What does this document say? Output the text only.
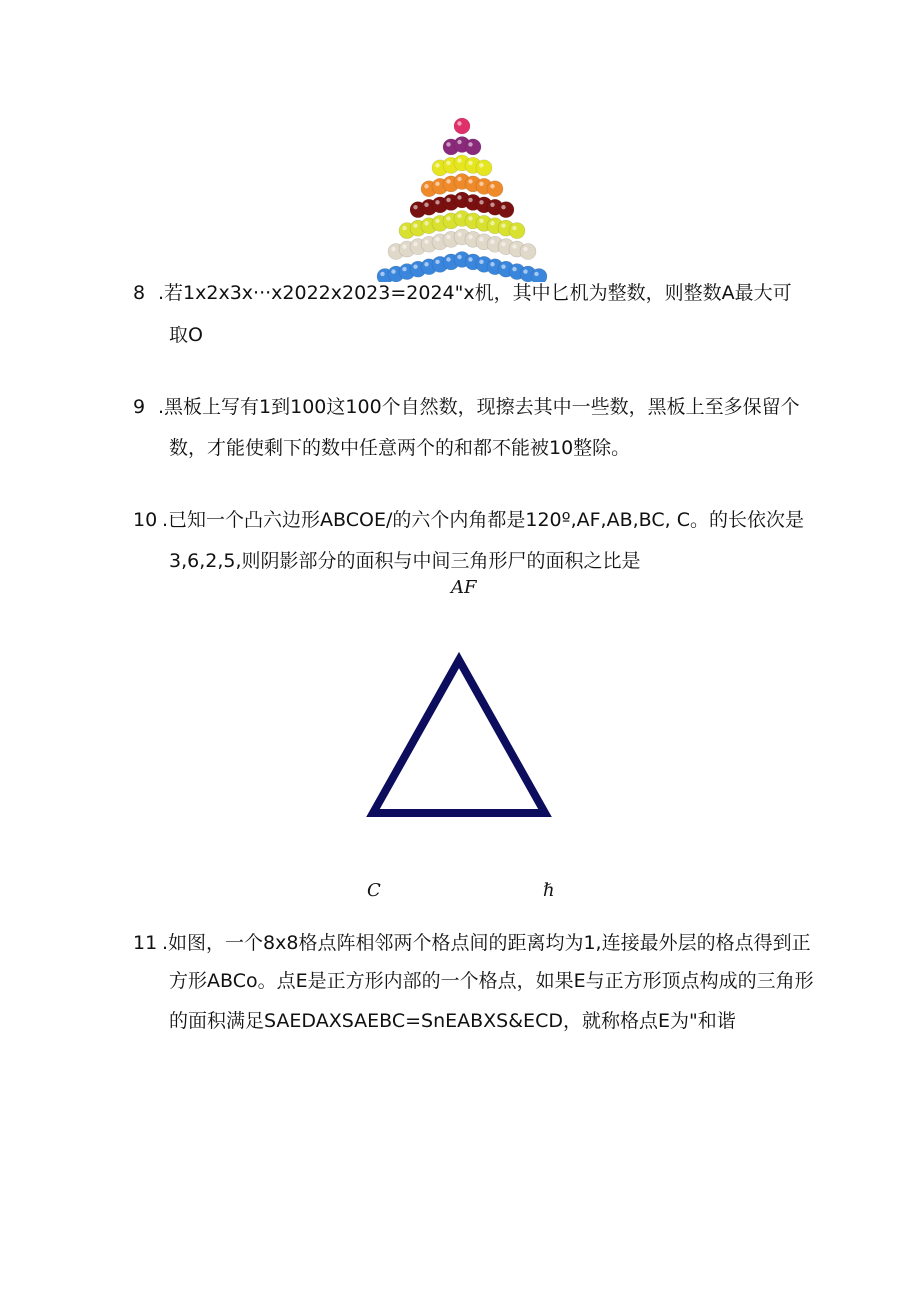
8 .若1x2x3x···x2022x2023=2024"x机，其中匕机为整数，则整数A最大可
取O
9 .黑板上写有1到100这100个自然数，现擦去其中一些数，黑板上至多保留个
数，才能使剩下的数中任意两个的和都不能被10整除。
10 .已知一个凸六边形ABCOE/的六个内角都是120º,AF,AB,BC, C。的长依次是
3,6,2,5,则阴影部分的面积与中间三角形尸的面积之比是
AF
C	ℏ
11 .如图，一个8x8格点阵相邻两个格点间的距离均为1,连接最外层的格点得到正
方形ABCo。点E是正方形内部的一个格点，如果E与正方形顶点构成的三角形
的面积满足SAEDAXSAEBC=SnEABXS&ECD，就称格点E为"和谐
